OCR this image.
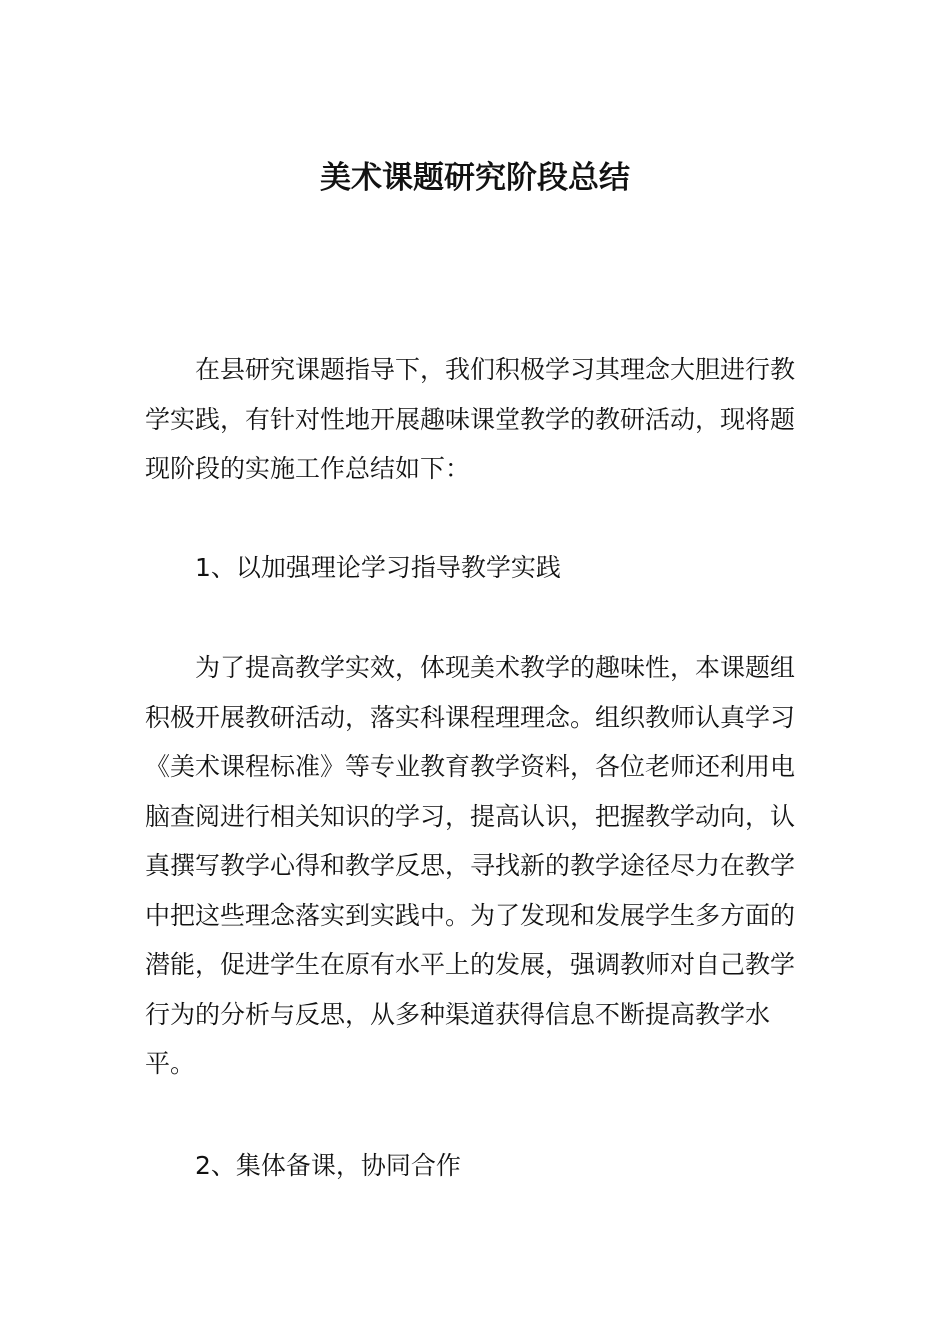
美术课题研究阶段总结

在县研究课题指导下，我们积极学习其理念大胆进行教学实践，有针对性地开展趣味课堂教学的教研活动，现将题现阶段的实施工作总结如下：

1、以加强理论学习指导教学实践

为了提高教学实效，体现美术教学的趣味性，本课题组积极开展教研活动，落实科课程理理念。组织教师认真学习《美术课程标准》等专业教育教学资料，各位老师还利用电脑查阅进行相关知识的学习，提高认识，把握教学动向，认真撰写教学心得和教学反思，寻找新的教学途径尽力在教学中把这些理念落实到实践中。为了发现和发展学生多方面的潜能，促进学生在原有水平上的发展，强调教师对自己教学行为的分析与反思，从多种渠道获得信息不断提高教学水平。

2、集体备课，协同合作
